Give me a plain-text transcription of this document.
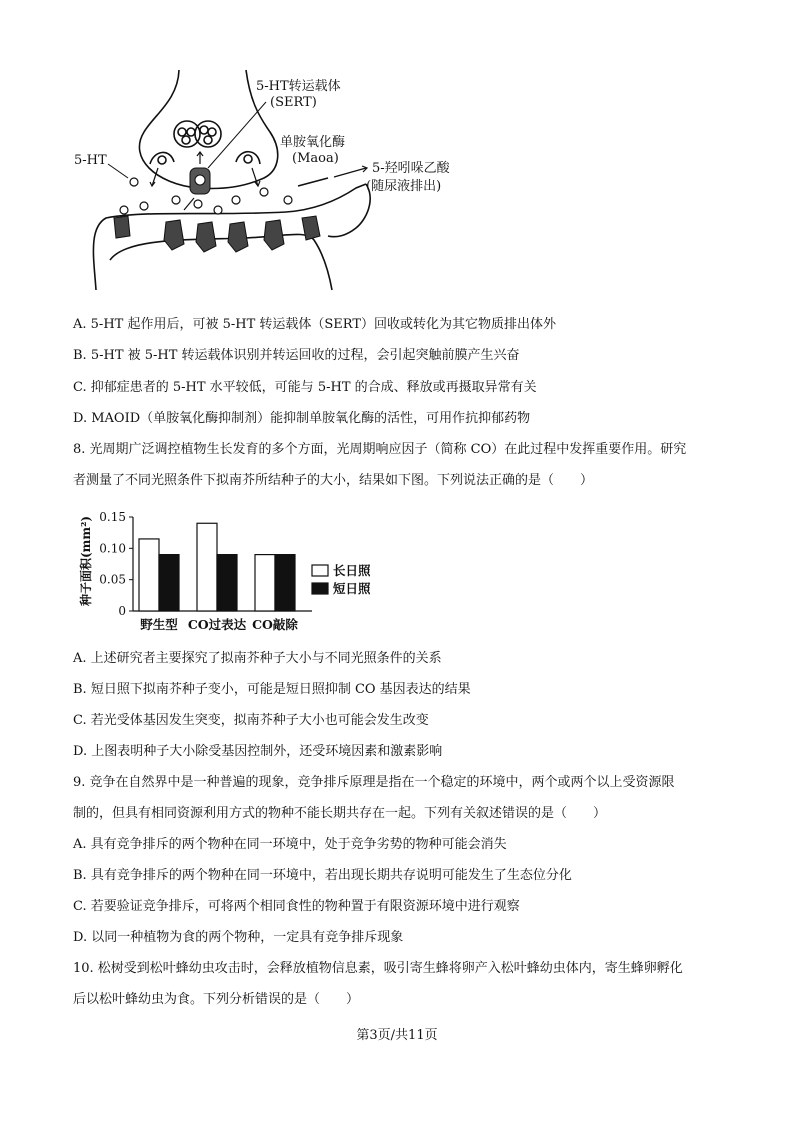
5-HT
5-HT转运载体
(SERT)
单胺氧化酶
(Maoa)
5-羟吲哚乙酸
(随尿液排出)
A. 5-HT 起作用后，可被 5-HT 转运载体（SERT）回收或转化为其它物质排出体外
B. 5-HT 被 5-HT 转运载体识别并转运回收的过程，会引起突触前膜产生兴奋
C. 抑郁症患者的 5-HT 水平较低，可能与 5-HT 的合成、释放或再摄取异常有关
D. MAOID（单胺氧化酶抑制剂）能抑制单胺氧化酶的活性，可用作抗抑郁药物
8. 光周期广泛调控植物生长发育的多个方面，光周期响应因子（简称 CO）在此过程中发挥重要作用。研究
者测量了不同光照条件下拟南芥所结种子的大小，结果如下图。下列说法正确的是（　　）
种子面积(mm²)
0
0.05
0.10
0.15
野生型 CO过表达 CO敲除
长日照
短日照
A. 上述研究者主要探究了拟南芥种子大小与不同光照条件的关系
B. 短日照下拟南芥种子变小，可能是短日照抑制 CO 基因表达的结果
C. 若光受体基因发生突变，拟南芥种子大小也可能会发生改变
D. 上图表明种子大小除受基因控制外，还受环境因素和激素影响
9. 竞争在自然界中是一种普遍的现象，竞争排斥原理是指在一个稳定的环境中，两个或两个以上受资源限
制的，但具有相同资源利用方式的物种不能长期共存在一起。下列有关叙述错误的是（　　）
A. 具有竞争排斥的两个物种在同一环境中，处于竞争劣势的物种可能会消失
B. 具有竞争排斥的两个物种在同一环境中，若出现长期共存说明可能发生了生态位分化
C. 若要验证竞争排斥，可将两个相同食性的物种置于有限资源环境中进行观察
D. 以同一种植物为食的两个物种，一定具有竞争排斥现象
10. 松树受到松叶蜂幼虫攻击时，会释放植物信息素，吸引寄生蜂将卵产入松叶蜂幼虫体内，寄生蜂卵孵化
后以松叶蜂幼虫为食。下列分析错误的是（　　）
第3页/共11页
